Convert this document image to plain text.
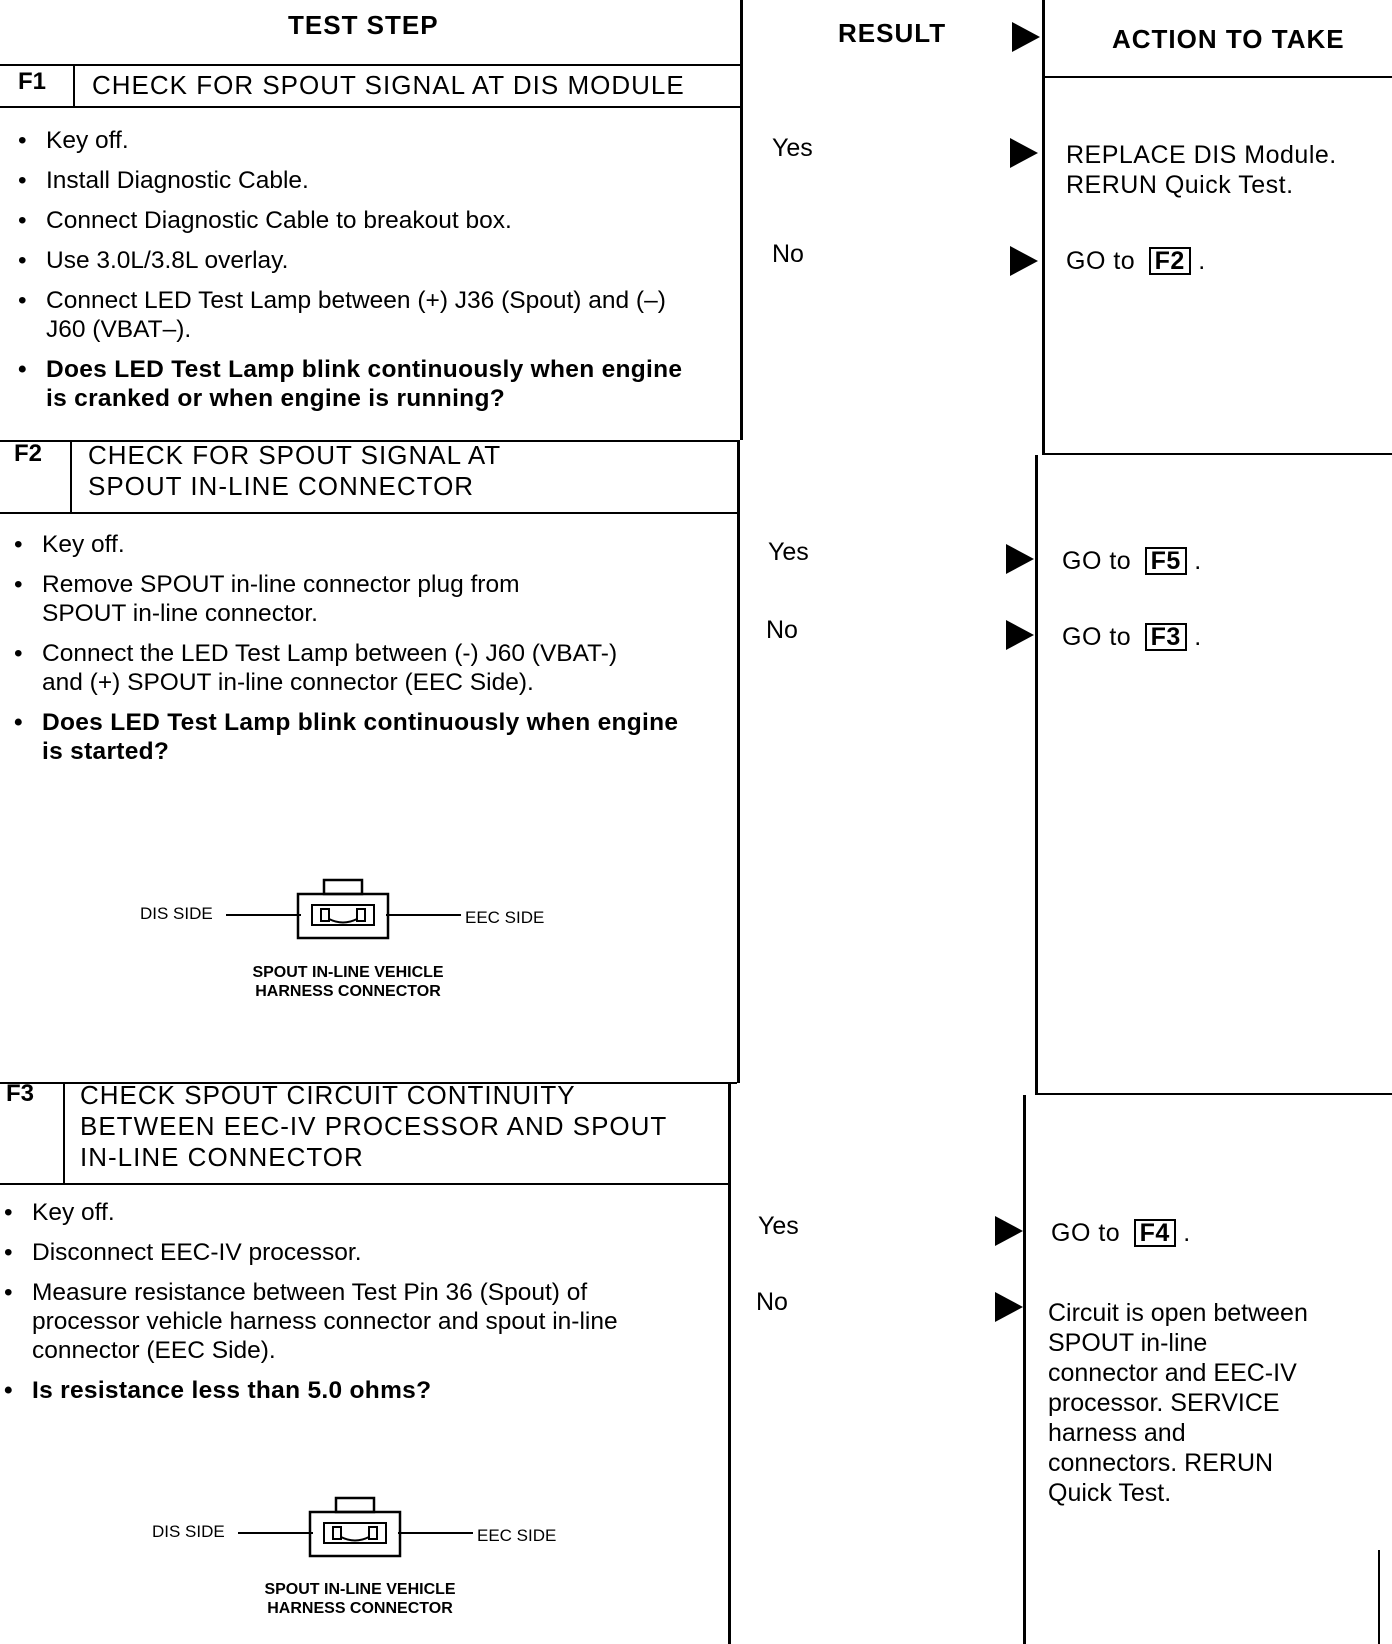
TEST STEP	RESULT	ACTION TO TAKE
F1 CHECK FOR SPOUT SIGNAL AT DIS MODULE
• Key off.
• Install Diagnostic Cable.
• Connect Diagnostic Cable to breakout box.
• Use 3.0L/3.8L overlay.
• Connect LED Test Lamp between (+) J36 (Spout) and (–) J60 (VBAT–).
• Does LED Test Lamp blink continuously when engine is cranked or when engine is running?
Yes	REPLACE DIS Module.
RERUN Quick Test.
No	GO to F2 .
F2 CHECK FOR SPOUT SIGNAL AT
SPOUT IN-LINE CONNECTOR
• Key off.
• Remove SPOUT in-line connector plug from SPOUT in-line connector.
• Connect the LED Test Lamp between (-) J60 (VBAT-) and (+) SPOUT in-line connector (EEC Side).
• Does LED Test Lamp blink continuously when engine is started?
DIS SIDE	EEC SIDE
SPOUT IN-LINE VEHICLE
HARNESS CONNECTOR
Yes	GO to F5 .
No	GO to F3 .
F3 CHECK SPOUT CIRCUIT CONTINUITY
BETWEEN EEC-IV PROCESSOR AND SPOUT
IN-LINE CONNECTOR
• Key off.
• Disconnect EEC-IV processor.
• Measure resistance between Test Pin 36 (Spout) of processor vehicle harness connector and spout in-line connector (EEC Side).
• Is resistance less than 5.0 ohms?
DIS SIDE	EEC SIDE
SPOUT IN-LINE VEHICLE
HARNESS CONNECTOR
Yes	GO to F4 .
No	Circuit is open between
SPOUT in-line
connector and EEC-IV
processor. SERVICE
harness and
connectors. RERUN
Quick Test.
